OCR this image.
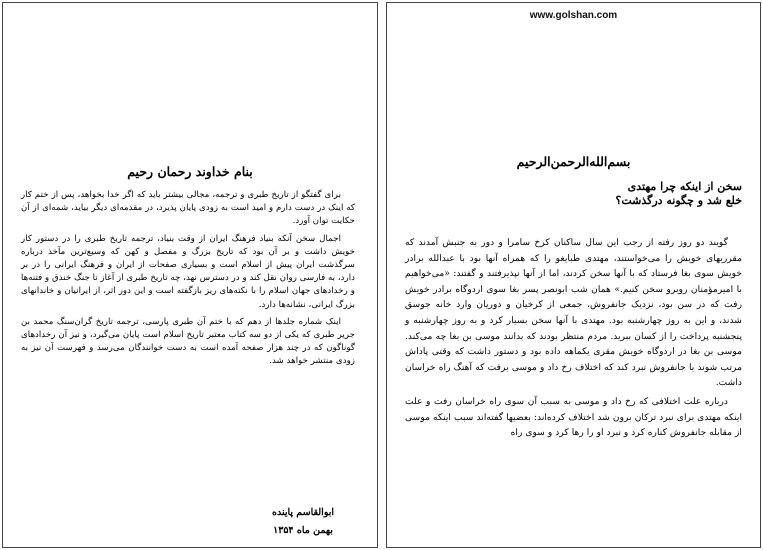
بنام خداوند رحمان رحیم

برای گفتگو از تاریخ طبری و ترجمه، مجالی بیشتر باید که اگر خدا بخواهد، پس از ختم کار که اینک در دست دارم و امید است به زودی پایان پذیرد، در مقدمه‌ای دیگر بیاید، شمه‌ای از آن حکایت توان آورد.

اجمال سخن آنکه بنیاد فرهنگ ایران از وقت بنیاد، ترجمه تاریخ طبری را در دستور کار خویش داشت و بر آن بود که تاریخ بزرگ و مفصل و کهن که وسیع‌ترین مآخذ درباره سرگذشت ایران پیش از اسلام است و بسیاری صفحات از ایران و فرهنگ ایرانی را در بر دارد، به فارسی روان نقل کند و در دسترس نهد، چه تاریخ طبری از آغاز تا جنگ خندق و فتنه‌ها و رخدادهای جهان اسلام را با نکته‌های ریز بازگفته است و این دور اثر، از ایرانیان و خاندانهای بزرگ ایرانی، نشانه‌ها دارد.

اینک شماره جلدها از دهم که با ختم آن طبری پارسی، ترجمه تاریخ گران‌سنگ محمد بن جریر طبری که یکی از دو سه کتاب معتبر تاریخ اسلام است پایان می‌گیرد، و نیز آن رخدادهای گوناگون که در چند هزار صفحه آمده است به دست خوانندگان می‌رسد و فهرست آن نیز به زودی منتشر خواهد شد.

ابوالقاسم پاینده
بهمن ماه ۱۳۵۴
www.golshan.com
بسم‌الله‌الرحمن‌الرحیم
سخن از اینکه چرا مهتدی
خلع شد و چگونه درگذشت؟

گویند دو روز رفته از رجب این سال ساکنان کرخ سامرا و دور به جنبش آمدند که مقرریهای خویش را می‌خواستند، مهتدی طبایغو را که همراه آنها بود با عبدالله برادر خویش سوی بغا فرستاد که با آنها سخن کردند، اما از آنها نپذیرفتند و گفتند: «می‌خواهیم با امیرمؤمنان روبرو سخن کنیم.» همان شب ابونصر پسر بغا سوی اردوگاه برادر خویش رفت که در سن بود، نزدیک جانفروش، جمعی از کرخیان و دوریان وارد خانه جوسق شدند، و این به روز چهارشنبه بود. مهتدی با آنها سخن بسیار کرد و به روز چهارشنبه و پنجشنبه پرداخت را از کسان ببرید. مردم منتظر بودند که بدانند موسی بن بغا چه می‌کند. موسی بن بغا در اردوگاه خویش مقری یکماهه داده بود و دستور داشت که وقتی پاداش مرتب شوند با جانفروش نبرد کند که اختلاف رخ داد و موسی برفت که آهنگ راه خراسان داشت.

درباره علت اختلافی که رخ داد و موسی به سبب آن سوی راه خراسان رفت و علت اینکه مهتدی برای نبرد ترکان برون شد اختلاف کرده‌اند: بعضیها گفته‌اند سبب اینکه موسی از مقابله جانفروش کناره کرد و نبرد او را رها کرد و سوی راه
